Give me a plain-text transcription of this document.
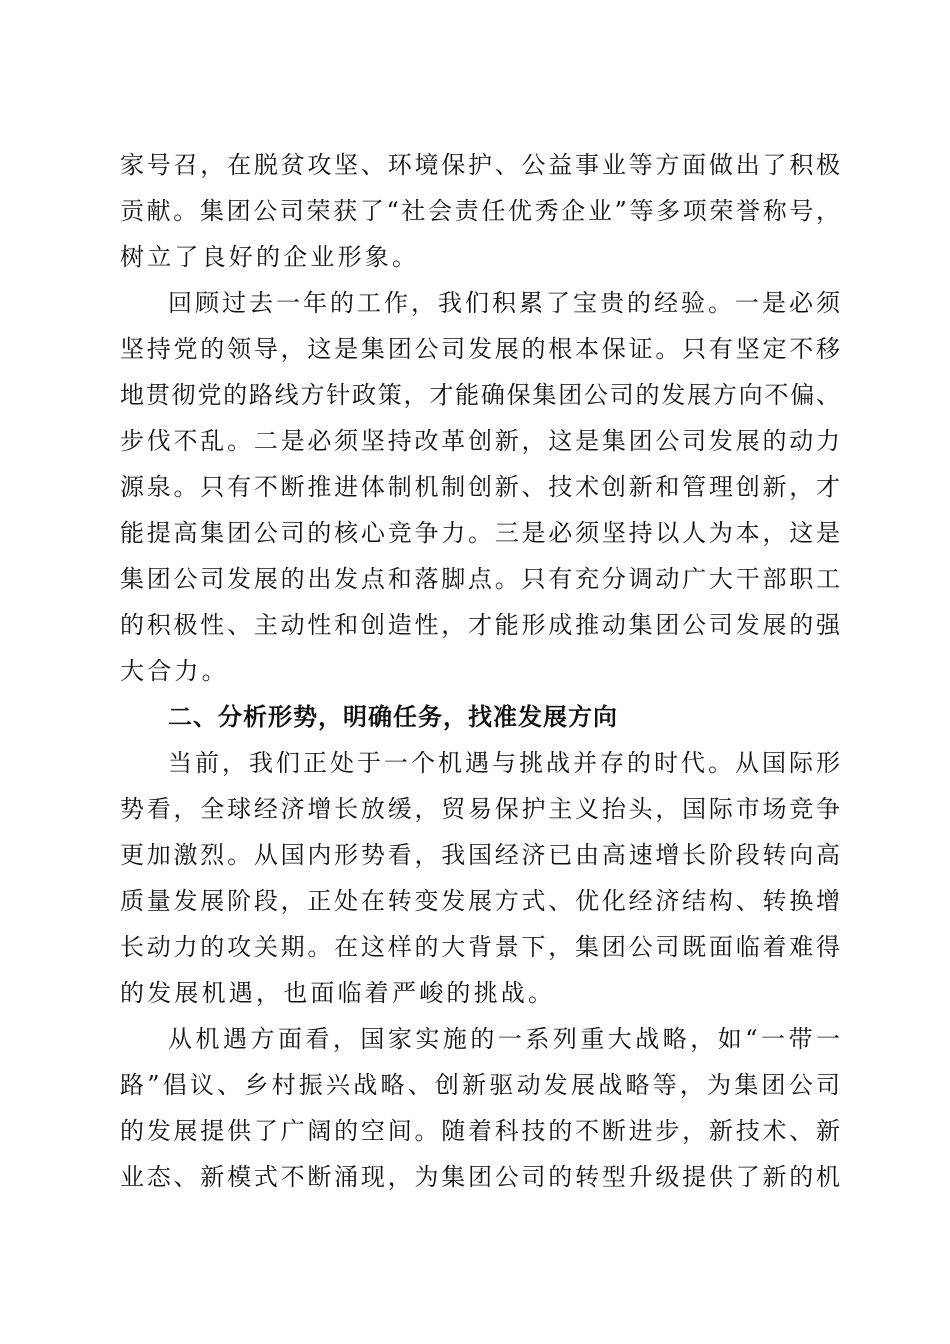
家号召，在脱贫攻坚、环境保护、公益事业等方面做出了积极
贡献。集团公司荣获了“社会责任优秀企业”等多项荣誉称号，
树立了良好的企业形象。
回顾过去一年的工作，我们积累了宝贵的经验。一是必须
坚持党的领导，这是集团公司发展的根本保证。只有坚定不移
地贯彻党的路线方针政策，才能确保集团公司的发展方向不偏、
步伐不乱。二是必须坚持改革创新，这是集团公司发展的动力
源泉。只有不断推进体制机制创新、技术创新和管理创新，才
能提高集团公司的核心竞争力。三是必须坚持以人为本，这是
集团公司发展的出发点和落脚点。只有充分调动广大干部职工
的积极性、主动性和创造性，才能形成推动集团公司发展的强
大合力。
二、分析形势，明确任务，找准发展方向
当前，我们正处于一个机遇与挑战并存的时代。从国际形
势看，全球经济增长放缓，贸易保护主义抬头，国际市场竞争
更加激烈。从国内形势看，我国经济已由高速增长阶段转向高
质量发展阶段，正处在转变发展方式、优化经济结构、转换增
长动力的攻关期。在这样的大背景下，集团公司既面临着难得
的发展机遇，也面临着严峻的挑战。
从机遇方面看，国家实施的一系列重大战略，如“一带一
路”倡议、乡村振兴战略、创新驱动发展战略等，为集团公司
的发展提供了广阔的空间。随着科技的不断进步，新技术、新
业态、新模式不断涌现，为集团公司的转型升级提供了新的机
